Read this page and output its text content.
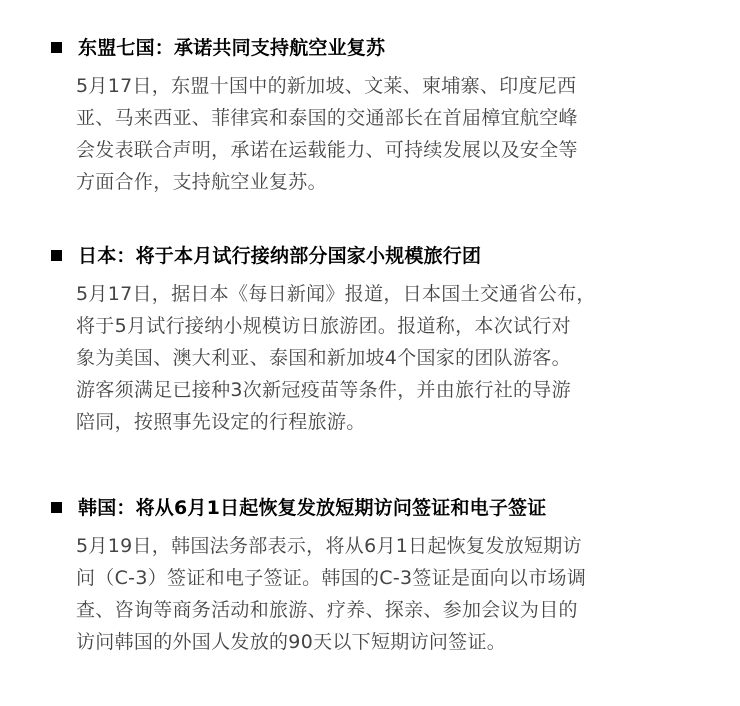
东盟七国：承诺共同支持航空业复苏
5月17日，东盟十国中的新加坡、文莱、柬埔寨、印度尼西
亚、马来西亚、菲律宾和泰国的交通部长在首届樟宜航空峰
会发表联合声明，承诺在运载能力、可持续发展以及安全等
方面合作，支持航空业复苏。
日本：将于本月试行接纳部分国家小规模旅行团
5月17日，据日本《每日新闻》报道，日本国土交通省公布，
将于5月试行接纳小规模访日旅游团。报道称，本次试行对
象为美国、澳大利亚、泰国和新加坡4个国家的团队游客。
游客须满足已接种3次新冠疫苗等条件，并由旅行社的导游
陪同，按照事先设定的行程旅游。
韩国：将从6月1日起恢复发放短期访问签证和电子签证
5月19日，韩国法务部表示，将从6月1日起恢复发放短期访
问（C-3）签证和电子签证。韩国的C-3签证是面向以市场调
查、咨询等商务活动和旅游、疗养、探亲、参加会议为目的
访问韩国的外国人发放的90天以下短期访问签证。
